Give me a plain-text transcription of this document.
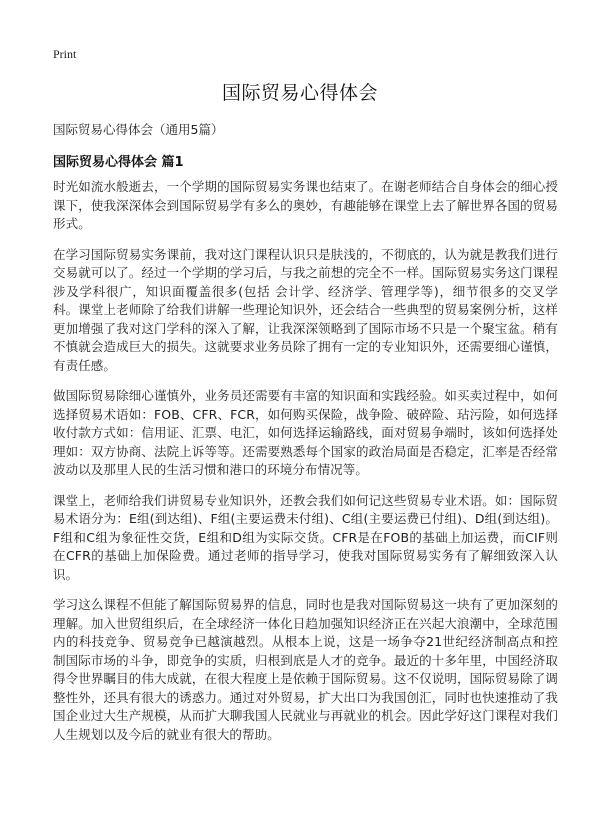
Print
国际贸易心得体会
国际贸易心得体会（通用5篇）
国际贸易心得体会 篇1

时光如流水般逝去，一个学期的国际贸易实务课也结束了。在谢老师结合自身体会的细心授课下，使我深深体会到国际贸易学有多么的奥妙，有趣能够在课堂上去了解世界各国的贸易形式。

在学习国际贸易实务课前，我对这门课程认识只是肤浅的，不彻底的，认为就是教我们进行交易就可以了。经过一个学期的学习后，与我之前想的完全不一样。国际贸易实务这门课程涉及学科很广，知识面覆盖很多(包括 会计学、经济学、管理学等)，细节很多的交叉学科。课堂上老师除了给我们讲解一些理论知识外，还会结合一些典型的贸易案例分析，这样更加增强了我对这门学科的深入了解，让我深深领略到了国际市场不只是一个聚宝盆。稍有不慎就会造成巨大的损失。这就要求业务员除了拥有一定的专业知识外，还需要细心谨慎，有责任感。

做国际贸易除细心谨慎外，业务员还需要有丰富的知识面和实践经验。如买卖过程中，如何选择贸易术语如：FOB、CFR、FCR，如何购买保险，战争险、破碎险、玷污险，如何选择收付款方式如：信用证、汇票、电汇，如何选择运输路线，面对贸易争端时，该如何选择处理如：双方协商、法院上诉等等。还需要熟悉每个国家的政治局面是否稳定，汇率是否经常波动以及那里人民的生活习惯和港口的环境分布情况等。

课堂上，老师给我们讲贸易专业知识外，还教会我们如何记这些贸易专业术语。如：国际贸易术语分为：E组(到达组)、F组(主要运费未付组)、C组(主要运费已付组)、D组(到达组)。F组和C组为象征性交货，E组和D组为实际交货。CFR是在FOB的基础上加运费，而CIF则在CFR的基础上加保险费。通过老师的指导学习，使我对国际贸易实务有了解细致深入认识。

学习这么课程不但能了解国际贸易界的信息，同时也是我对国际贸易这一块有了更加深刻的理解。加入世贸组织后，在全球经济一体化日趋加强知识经济正在兴起大浪潮中，全球范围内的科技竞争、贸易竞争已越演越烈。从根本上说，这是一场争夺21世纪经济制高点和控制国际市场的斗争，即竞争的实质，归根到底是人才的竞争。最近的十多年里，中国经济取得令世界瞩目的伟大成就，在很大程度上是依赖于国际贸易。这不仅说明，国际贸易除了调整性外，还具有很大的诱惑力。通过对外贸易，扩大出口为我国创汇，同时也快速推动了我国企业过大生产规模，从而扩大聊我国人民就业与再就业的机会。因此学好这门课程对我们人生规划以及今后的就业有很大的帮助。
